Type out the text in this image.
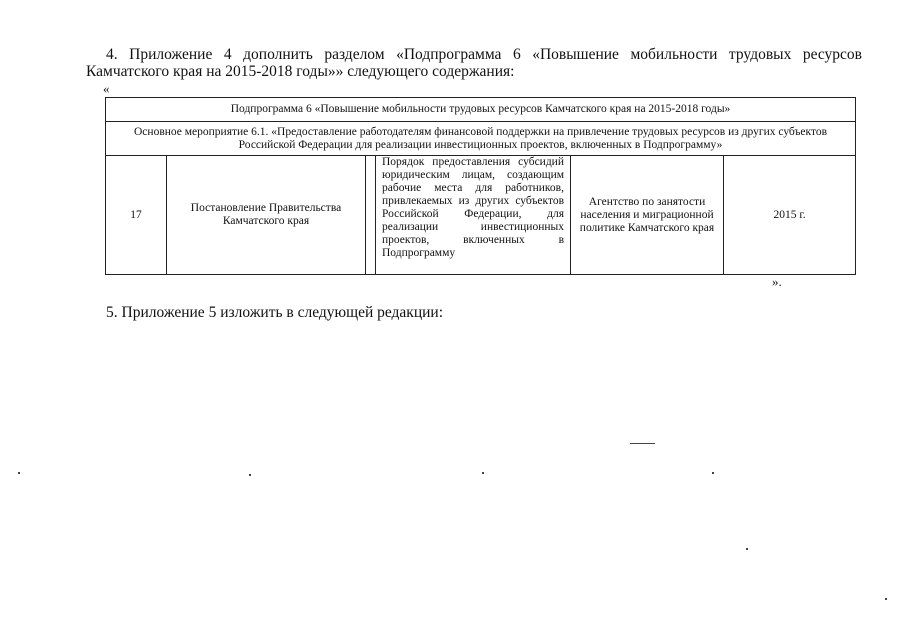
4. Приложение 4 дополнить разделом «Подпрограмма 6 «Повышение мобильности трудовых ресурсов Камчатского края на 2015-2018 годы»» следующего содержания:

«
Подпрограмма 6 «Повышение мобильности трудовых ресурсов Камчатского края на 2015-2018 годы»
Основное мероприятие 6.1. «Предоставление работодателям финансовой поддержки на привлечение трудовых ресурсов из других субъектов Российской Федерации для реализации инвестиционных проектов, включенных в Подпрограмму»
17	Постановление Правительства Камчатского края		Порядок предоставления субсидий юридическим лицам, создающим рабочие места для работников, привлекаемых из других субъектов Российской Федерации, для реализации инвестиционных проектов, включенных в Подпрограмму	Агентство по занятости населения и миграционной политике Камчатского края	2015 г.
».

5. Приложение 5 изложить в следующей редакции:
